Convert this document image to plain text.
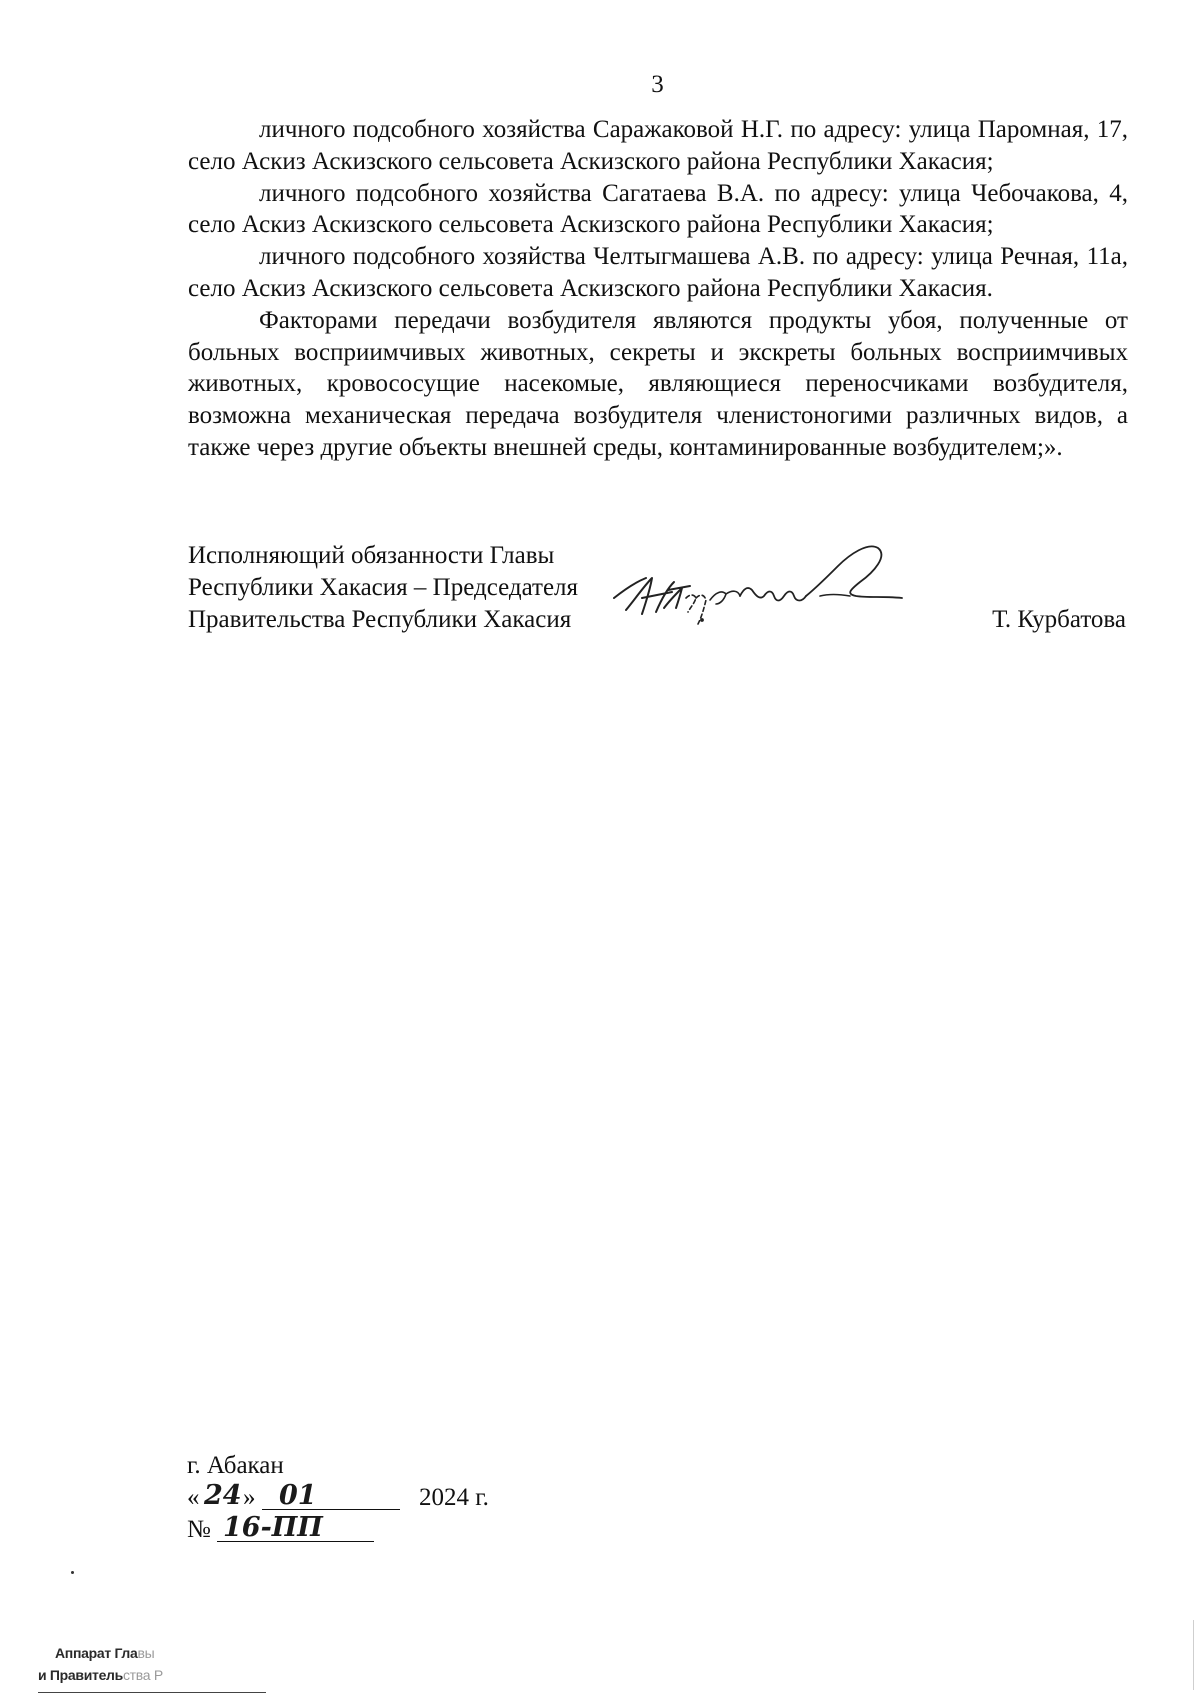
3

личного подсобного хозяйства Саражаковой Н.Г. по адресу: улица Паромная, 17, село Аскиз Аскизского сельсовета Аскизского района Республики Хакасия;

личного подсобного хозяйства Сагатаева В.А. по адресу: улица Чебочакова, 4, село Аскиз Аскизского сельсовета Аскизского района Республики Хакасия;

личного подсобного хозяйства Челтыгмашева А.В. по адресу: улица Речная, 11а, село Аскиз Аскизского сельсовета Аскизского района Республики Хакасия.

Факторами передачи возбудителя являются продукты убоя, полученные от больных восприимчивых животных, секреты и экскреты больных восприимчивых животных, кровососущие насекомые, являющиеся переносчиками возбудителя, возможна механическая передача возбудителя членистоногими различных видов, а также через другие объекты внешней среды, контаминированные возбудителем;».

Исполняющий обязанности Главы
Республики Хакасия – Председателя
Правительства Республики Хакасия	Т. Курбатова
г. Абакан
« 24 » 01	2024 г.
№ 16-ПП
Аппарат Главы
и Правительства Р
